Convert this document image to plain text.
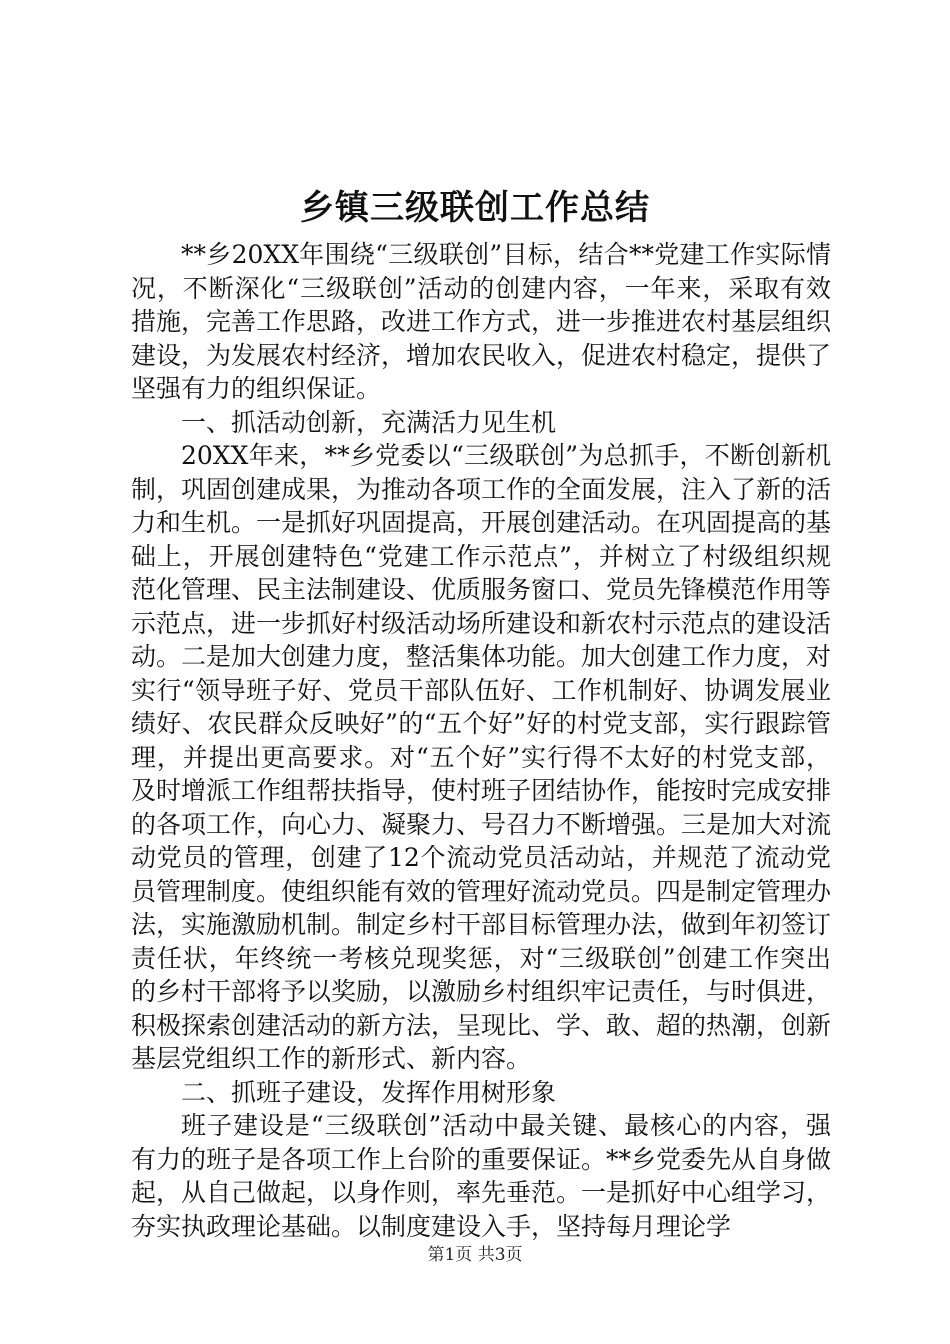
乡镇三级联创工作总结

**乡20XX年围绕“三级联创”目标，结合**党建工作实际情况，不断深化“三级联创”活动的创建内容，一年来，采取有效措施，完善工作思路，改进工作方式，进一步推进农村基层组织建设，为发展农村经济，增加农民收入，促进农村稳定，提供了坚强有力的组织保证。

一、抓活动创新，充满活力见生机

20XX年来，**乡党委以“三级联创”为总抓手，不断创新机制，巩固创建成果，为推动各项工作的全面发展，注入了新的活力和生机。一是抓好巩固提高，开展创建活动。在巩固提高的基础上，开展创建特色“党建工作示范点”，并树立了村级组织规范化管理、民主法制建设、优质服务窗口、党员先锋模范作用等示范点，进一步抓好村级活动场所建设和新农村示范点的建设活动。二是加大创建力度，整活集体功能。加大创建工作力度，对实行“领导班子好、党员干部队伍好、工作机制好、协调发展业绩好、农民群众反映好”的“五个好”好的村党支部，实行跟踪管理，并提出更高要求。对“五个好”实行得不太好的村党支部，及时增派工作组帮扶指导，使村班子团结协作，能按时完成安排的各项工作，向心力、凝聚力、号召力不断增强。三是加大对流动党员的管理，创建了12个流动党员活动站，并规范了流动党员管理制度。使组织能有效的管理好流动党员。四是制定管理办法，实施激励机制。制定乡村干部目标管理办法，做到年初签订责任状，年终统一考核兑现奖惩，对“三级联创”创建工作突出的乡村干部将予以奖励，以激励乡村组织牢记责任，与时俱进，积极探索创建活动的新方法，呈现比、学、敢、超的热潮，创新基层党组织工作的新形式、新内容。

二、抓班子建设，发挥作用树形象

班子建设是“三级联创”活动中最关键、最核心的内容，强有力的班子是各项工作上台阶的重要保证。**乡党委先从自身做起，从自己做起，以身作则，率先垂范。一是抓好中心组学习，夯实执政理论基础。以制度建设入手，坚持每月理论学

第1页 共3页
